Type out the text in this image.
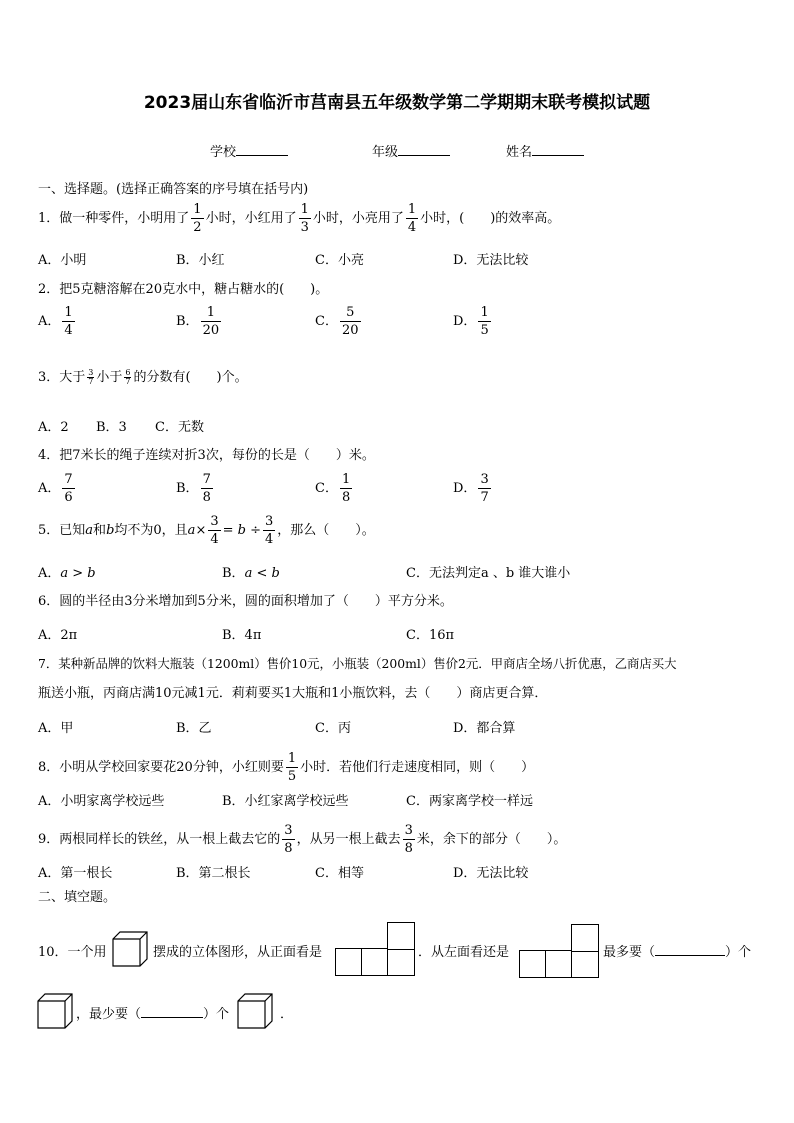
2023届山东省临沂市莒南县五年级数学第二学期期末联考模拟试题
学校	年级	姓名
一、选择题。(选择正确答案的序号填在括号内)
1．做一种零件，小明用了 $\frac{1}{2}$ 小时，小红用了 $\frac{1}{3}$ 小时，小亮用了 $\frac{1}{4}$ 小时，(　　)的效率高。
A．小明	B．小红	C．小亮	D．无法比较
2．把5克糖溶解在20克水中，糖占糖水的(　　)。
A． $\frac{1}{4}$	B． $\frac{1}{20}$	C． $\frac{5}{20}$	D． $\frac{1}{5}$
3．大于 $\frac{3}{7}$ 小于 $\frac{6}{7}$ 的分数有(　　)个。
A．2 B．3 C．无数
4．把7米长的绳子连续对折3次，每份的长是（　　）米。
A． $\frac{7}{6}$	B． $\frac{7}{8}$	C． $\frac{1}{8}$	D． $\frac{3}{7}$
5．已知a和b均不为0，且$a\times \frac{3}{4} = b \div \frac{3}{4}$ ，那么（　　）。
A．a > b	B．a < b	C．无法判定a 、b 谁大谁小
6．圆的半径由3分米增加到5分米，圆的面积增加了（　　）平方分米。
A．2π	B．4π	C．16π
7．某种新品牌的饮料大瓶装（1200ml）售价10元，小瓶装（200ml）售价2元．甲商店全场八折优惠，乙商店买大
瓶送小瓶，丙商店满10元减1元．莉莉要买1大瓶和1小瓶饮料，去（　　）商店更合算．
A．甲	B．乙	C．丙	D．都合算
8．小明从学校回家要花20分钟，小红则要 $\frac{1}{5}$ 小时．若他们行走速度相同，则（　　）
A．小明家离学校远些	B．小红家离学校远些	C．两家离学校一样远
9．两根同样长的铁丝，从一根上截去它的 $\frac{3}{8}$ ，从另一根上截去 $\frac{3}{8}$ 米，余下的部分（　　）。
A．第一根长	B．第二根长	C．相等	D．无法比较
二、填空题。
10．一个用	摆成的立体图形，从正面看是	．从左面看还是	最多要（	）个
，最少要（	）个	．
